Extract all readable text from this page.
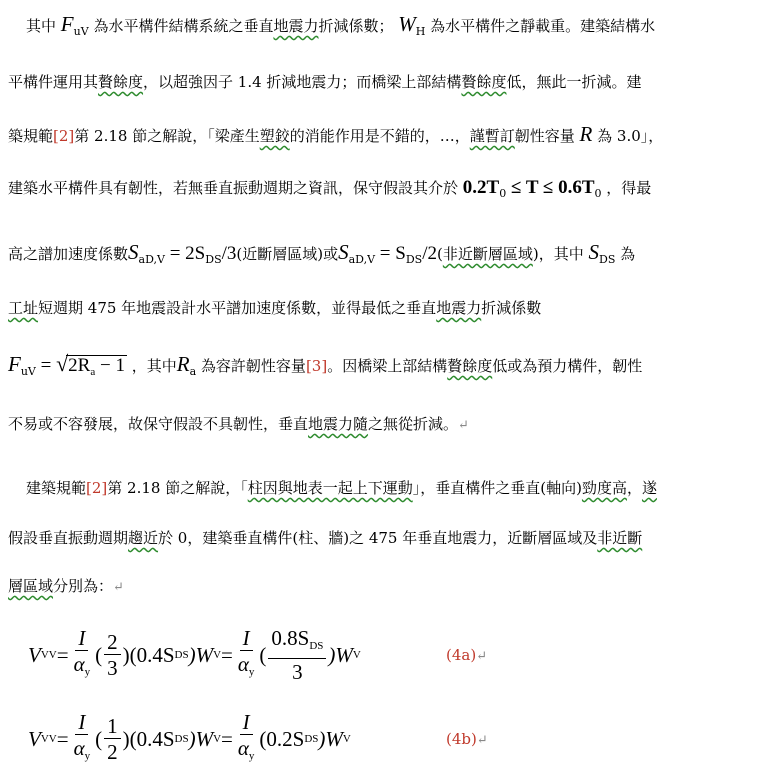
其中 $F_{uV}$ 為水平構件結構系統之垂直地震力折減係數； $W_H$ 為水平構件之靜載重。建築結構水
平構件運用其贅餘度，以超強因子 1.4 折減地震力；而橋梁上部結構贅餘度低，無此一折減。建
築規範[2]第 2.18 節之解說，「梁產生塑鉸的消能作用是不錯的，…，謹暫訂韌性容量 R 為 3.0」，
建築水平構件具有韌性，若無垂直振動週期之資訊，保守假設其介於 $0.2T_0 \le T \le 0.6T_0$ ，得最
高之譜加速度係數$S_{aD,V} = 2S_{DS}/3$(近斷層區域)或$S_{aD,V} = S_{DS}/2$(非近斷層區域)，其中 $S_{DS}$ 為
工址短週期 475 年地震設計水平譜加速度係數，並得最低之垂直地震力折減係數
$F_{uV} = √2R_a - 1$ ，其中$R_a$ 為容許韌性容量[3]。因橋梁上部結構贅餘度低或為預力構件，韌性
不易或不容發展，故保守假設不具韌性，垂直地震力隨之無從折減。↵
建築規範[2]第 2.18 節之解說，「柱因與地表一起上下運動」，垂直構件之垂直(軸向)勁度高，遂
假設垂直振動週期趨近於 0，建築垂直構件(柱、牆)之 475 年垂直地震力，近斷層區域及非近斷
層區域分別為：↵
V VV = $\frac{I}{\alpha_y}$ ( $\frac{2}{3}$ ) (0.4S DS )W $V = \frac{I}{\alpha_y}$ ( $\frac{0.8S_{DS}}{3} )W$ V	(4a)↵
V VV = $\frac{I}{\alpha_y}$ ( $\frac{1}{2}$ ) (0.4S DS )W $V = \frac{I}{\alpha_y} (0.2S$ DS )W V	(4b)↵
